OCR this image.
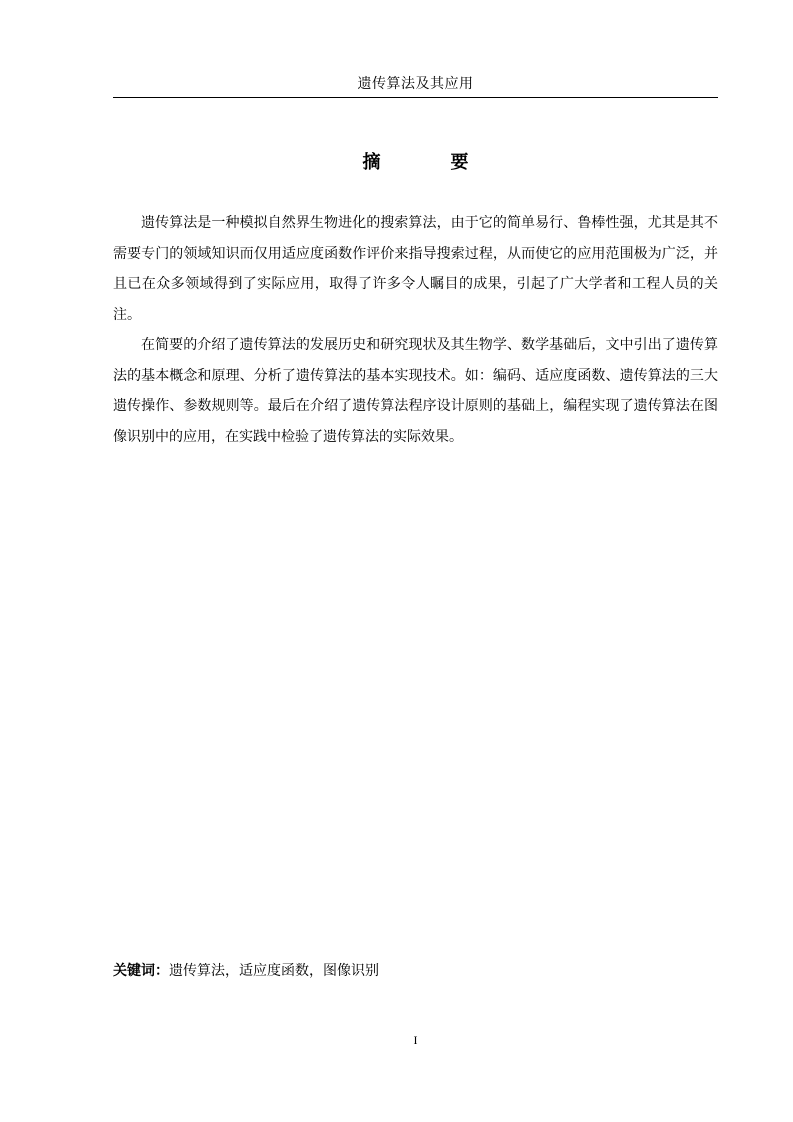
遗传算法及其应用
摘　要

遗传算法是一种模拟自然界生物进化的搜索算法，由于它的简单易行、鲁棒性强，尤其是其不需要专门的领域知识而仅用适应度函数作评价来指导搜索过程，从而使它的应用范围极为广泛，并且已在众多领域得到了实际应用，取得了许多令人瞩目的成果，引起了广大学者和工程人员的关注。

在简要的介绍了遗传算法的发展历史和研究现状及其生物学、数学基础后，文中引出了遗传算法的基本概念和原理、分析了遗传算法的基本实现技术。如：编码、适应度函数、遗传算法的三大遗传操作、参数规则等。最后在介绍了遗传算法程序设计原则的基础上，编程实现了遗传算法在图像识别中的应用，在实践中检验了遗传算法的实际效果。

关键词：遗传算法，适应度函数，图像识别
I
